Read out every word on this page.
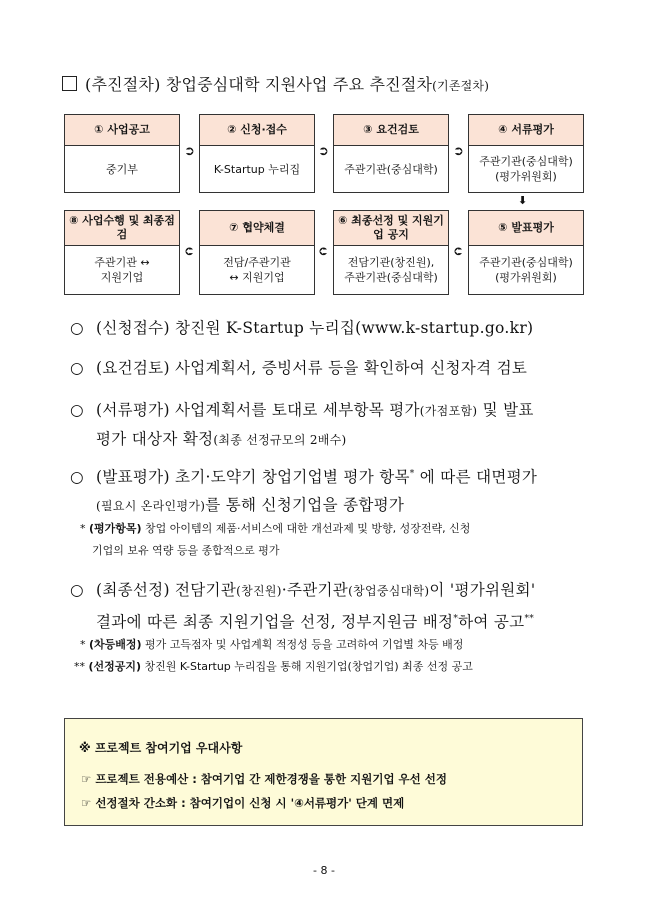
(추진절차) 창업중심대학 지원사업 주요 추진절차(기존절차)
① 사업공고
중기부
② 신청·접수
K-Startup 누리집
③ 요건검토
주관기관(중심대학)
④ 서류평가
주관기관(중심대학)
(평가위원회)
➲	➲	➲
⬇
⑧ 사업수행 및 최종점검
주관기관 ↔
지원기업
⑦ 협약체결
전담/주관기관
↔ 지원기업
⑥ 최종선정 및 지원기업 공지
전담기관(창진원),
주관기관(중심대학)
⑤ 발표평가
주관기관(중심대학)
(평가위원회)
➲	➲	➲
○ (신청접수) 창진원 K-Startup 누리집(www.k-startup.go.kr)
○ (요건검토) 사업계획서, 증빙서류 등을 확인하여 신청자격 검토
○ (서류평가) 사업계획서를 토대로 세부항목 평가(가점포함) 및 발표
평가 대상자 확정(최종 선정규모의 2배수)
○ (발표평가) 초기·도약기 창업기업별 평가 항목* 에 따른 대면평가
(필요시 온라인평가)를 통해 신청기업을 종합평가
* (평가항목) 창업 아이템의 제품·서비스에 대한 개선과제 및 방향, 성장전략, 신청
기업의 보유 역량 등을 종합적으로 평가
○ (최종선정) 전담기관(창진원)·주관기관(창업중심대학)이 '평가위원회'
결과에 따른 최종 지원기업을 선정, 정부지원금 배정*하여 공고**
* (차등배정) 평가 고득점자 및 사업계획 적정성 등을 고려하여 기업별 차등 배정
** (선정공지) 창진원 K-Startup 누리집을 통해 지원기업(창업기업) 최종 선정 공고
※ 프로젝트 참여기업 우대사항
☞ 프로젝트 전용예산 : 참여기업 간 제한경쟁을 통한 지원기업 우선 선정
☞ 선정절차 간소화 : 참여기업이 신청 시 '④서류평가' 단계 면제
- 8 -
